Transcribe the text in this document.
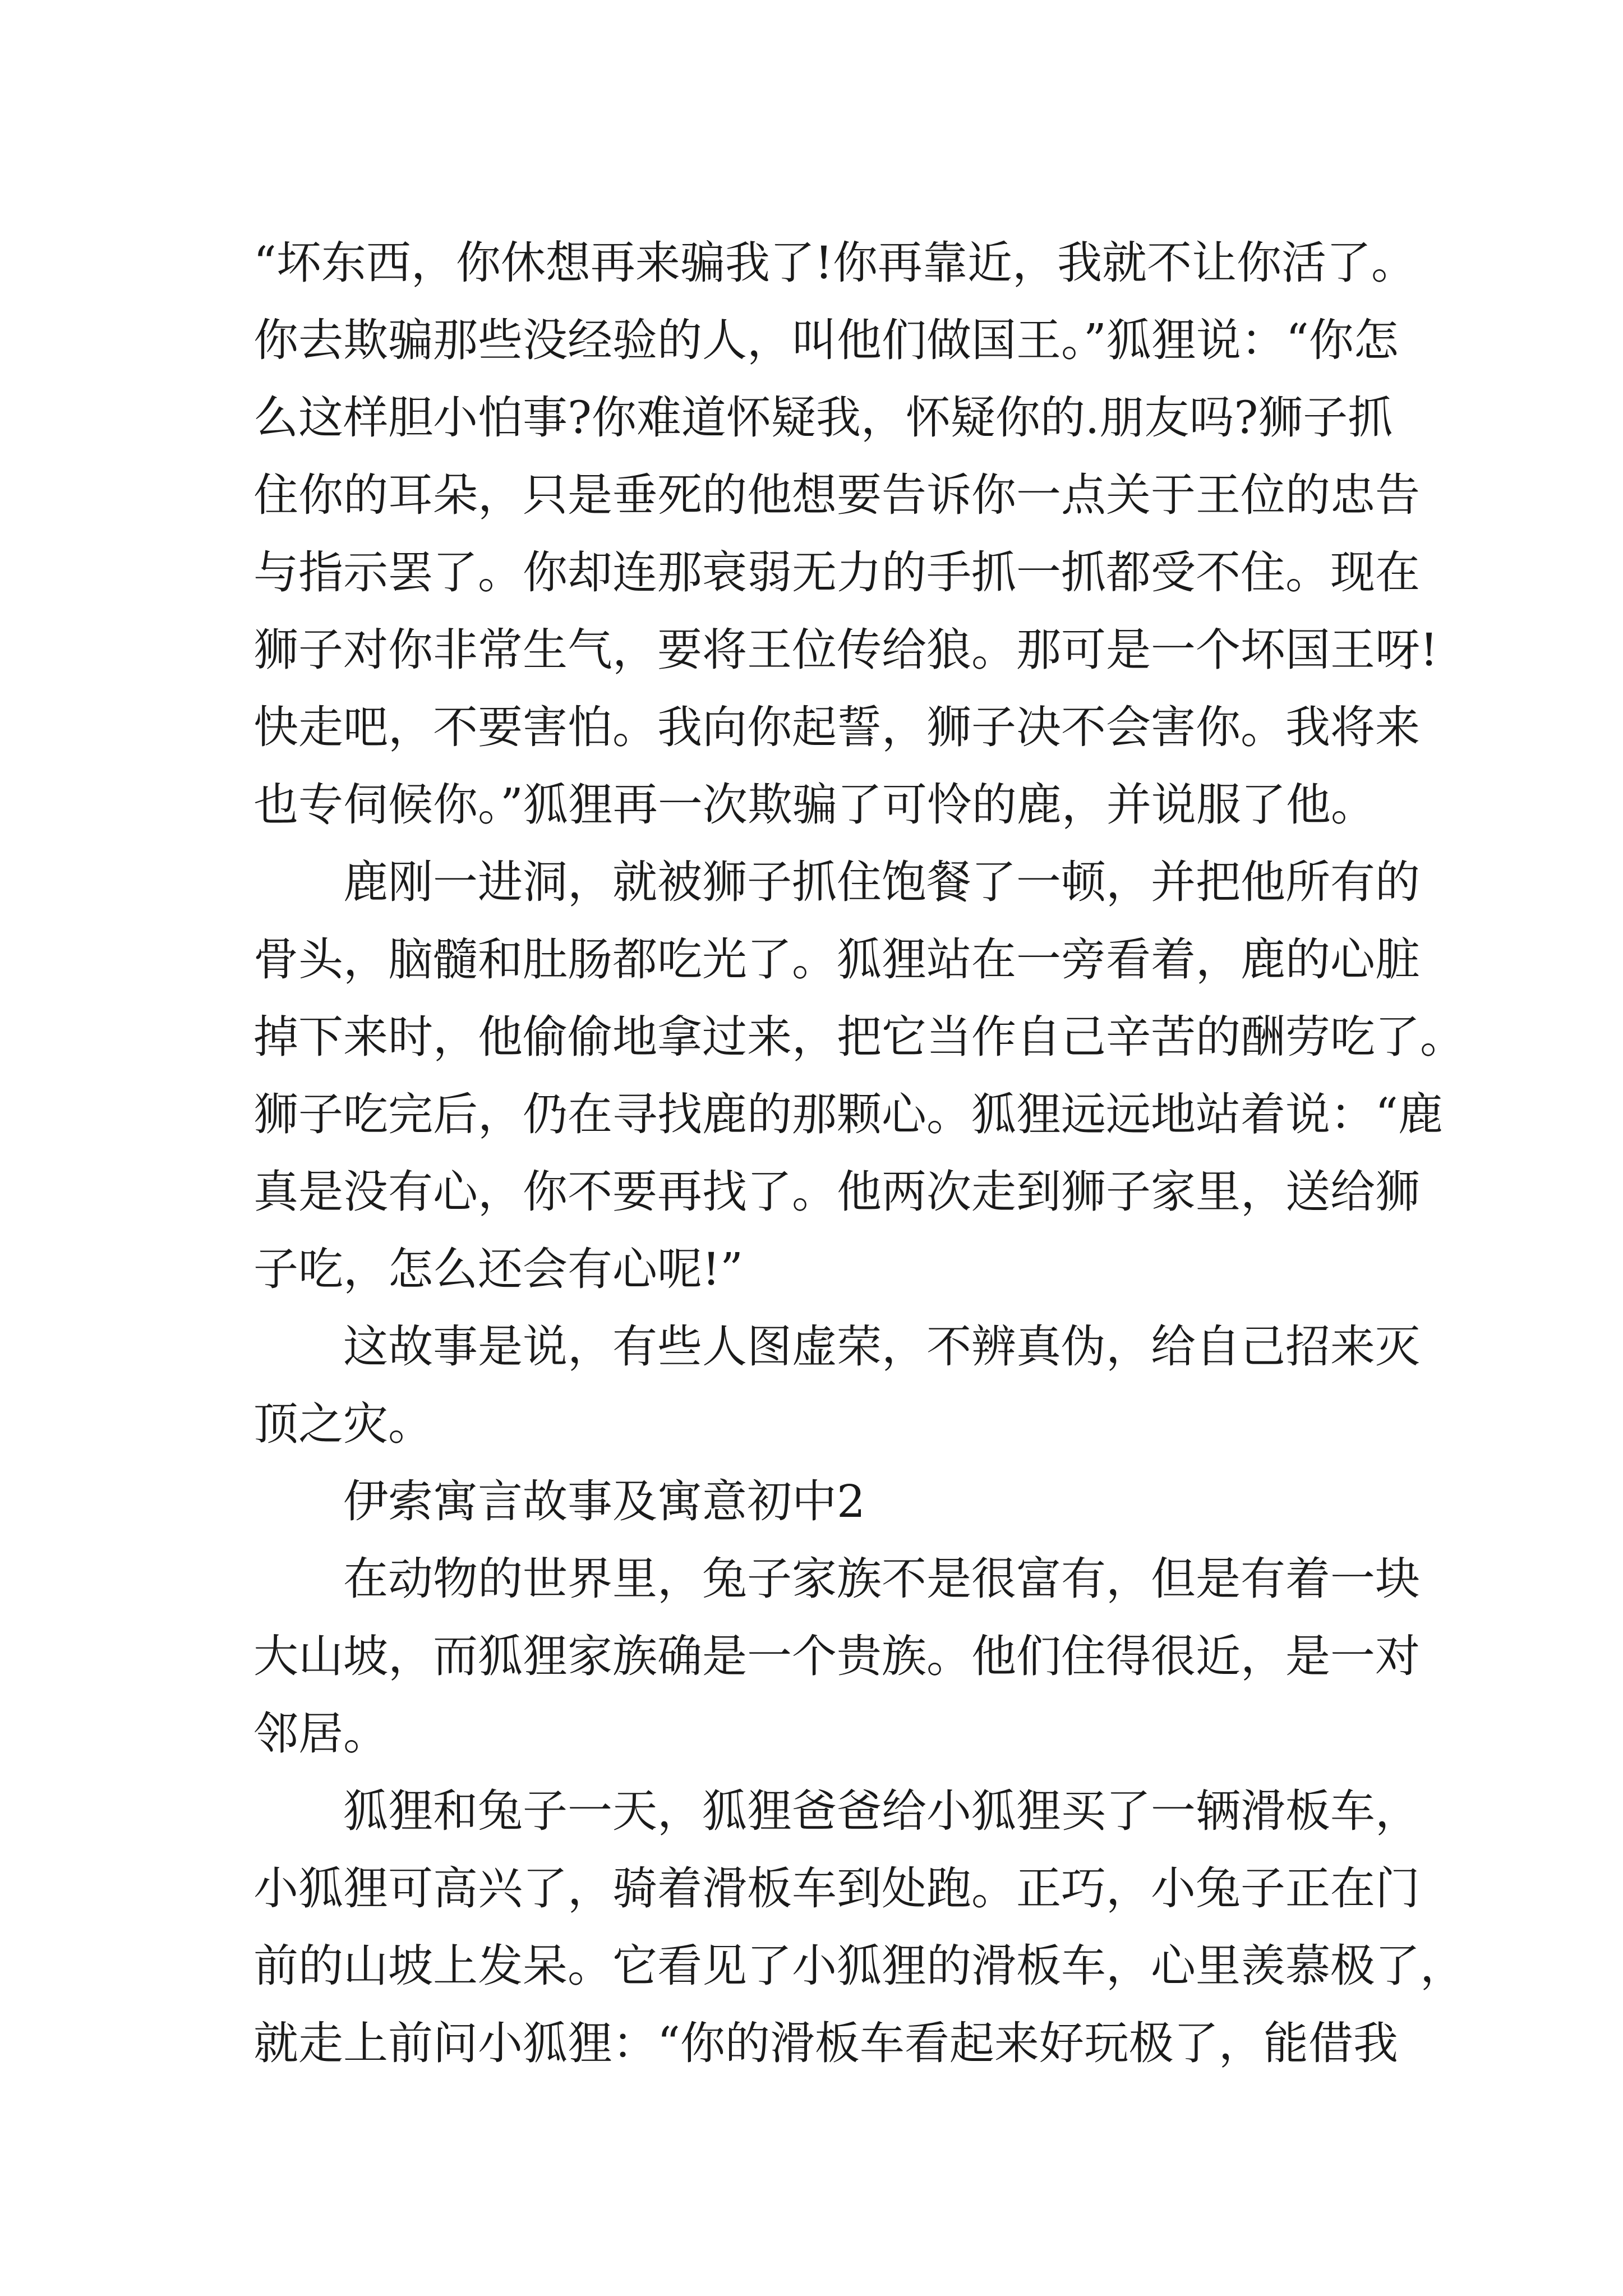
“坏东西，你休想再来骗我了!你再靠近，我就不让你活了。
你去欺骗那些没经验的人，叫他们做国王。”狐狸说：“你怎
么这样胆小怕事?你难道怀疑我，怀疑你的.朋友吗?狮子抓
住你的耳朵，只是垂死的他想要告诉你一点关于王位的忠告
与指示罢了。你却连那衰弱无力的手抓一抓都受不住。现在
狮子对你非常生气，要将王位传给狼。那可是一个坏国王呀!
快走吧，不要害怕。我向你起誓，狮子决不会害你。我将来
也专伺候你。”狐狸再一次欺骗了可怜的鹿，并说服了他。
鹿刚一进洞，就被狮子抓住饱餐了一顿，并把他所有的
骨头，脑髓和肚肠都吃光了。狐狸站在一旁看着，鹿的心脏
掉下来时，他偷偷地拿过来，把它当作自己辛苦的酬劳吃了。
狮子吃完后，仍在寻找鹿的那颗心。狐狸远远地站着说：“鹿
真是没有心，你不要再找了。他两次走到狮子家里，送给狮
子吃，怎么还会有心呢!”
这故事是说，有些人图虚荣，不辨真伪，给自己招来灭
顶之灾。
伊索寓言故事及寓意初中2
在动物的世界里，兔子家族不是很富有，但是有着一块
大山坡，而狐狸家族确是一个贵族。他们住得很近，是一对
邻居。
狐狸和兔子一天，狐狸爸爸给小狐狸买了一辆滑板车，
小狐狸可高兴了，骑着滑板车到处跑。正巧，小兔子正在门
前的山坡上发呆。它看见了小狐狸的滑板车，心里羡慕极了，
就走上前问小狐狸：“你的滑板车看起来好玩极了，能借我
